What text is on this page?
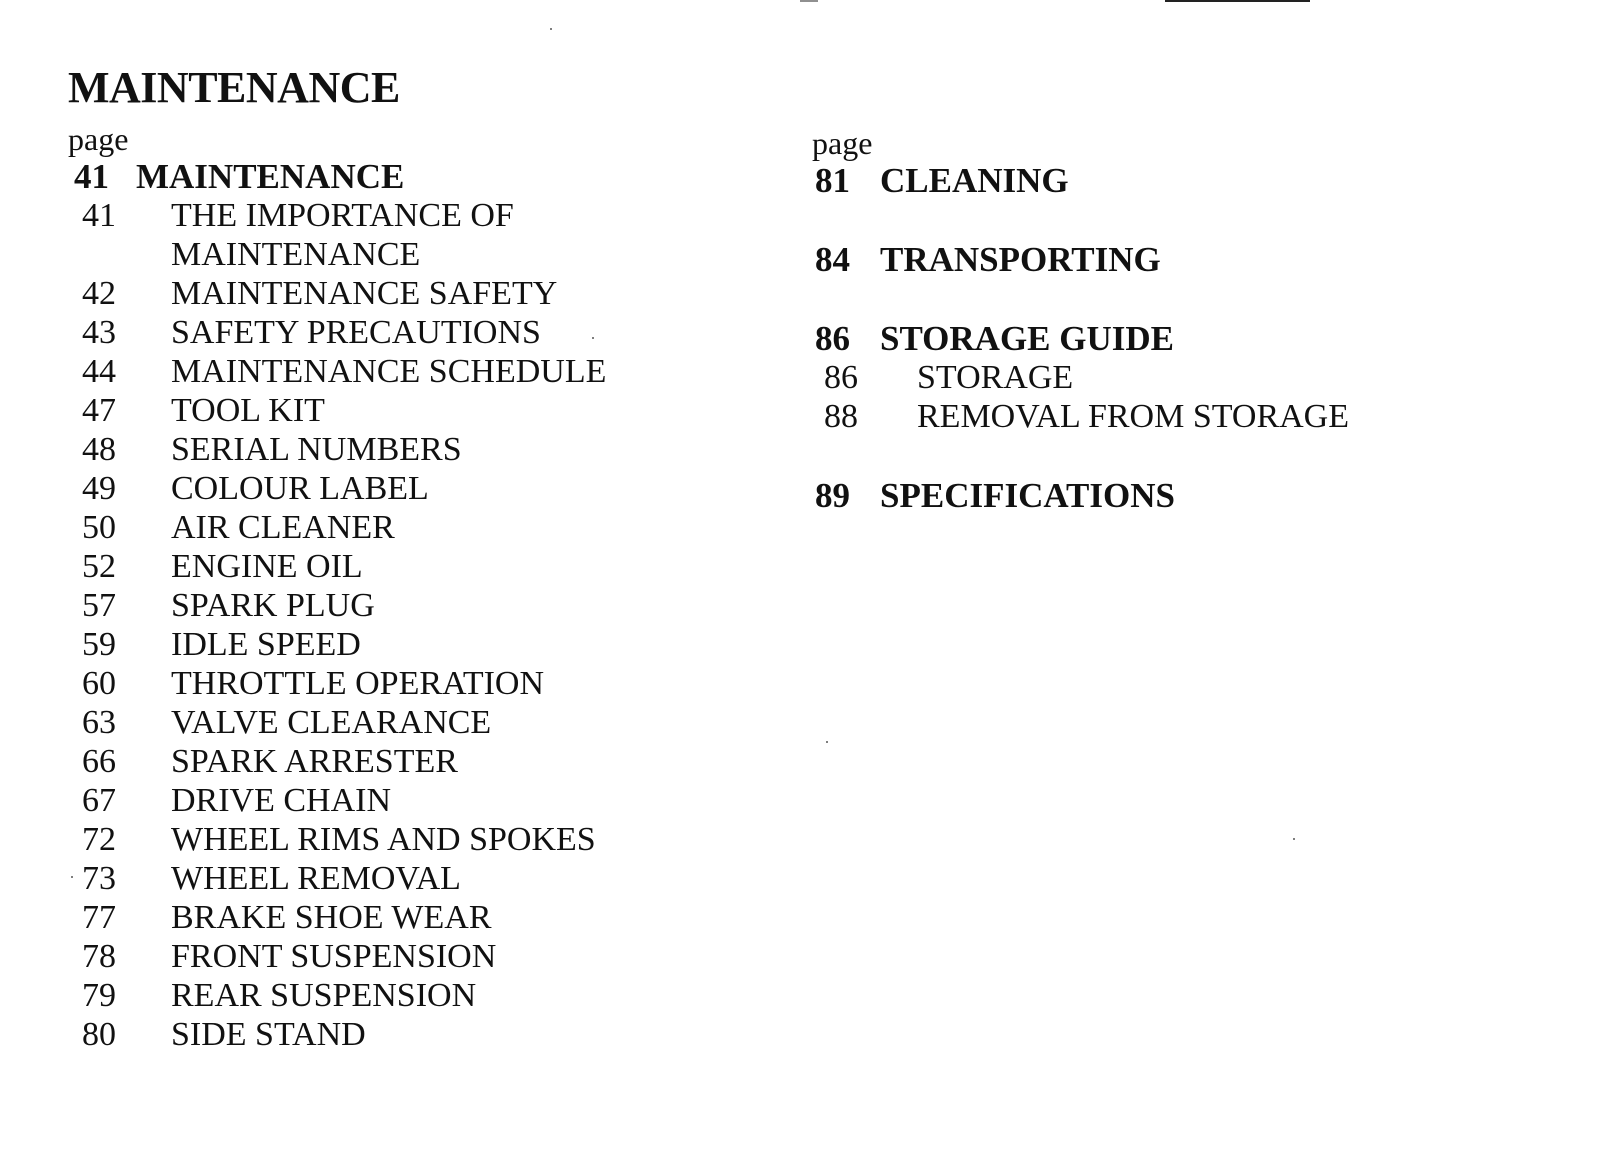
MAINTENANCE
page
41 MAINTENANCE
41	THE IMPORTANCE OF
MAINTENANCE
42	MAINTENANCE SAFETY
43	SAFETY PRECAUTIONS
44	MAINTENANCE SCHEDULE
47	TOOL KIT
48	SERIAL NUMBERS
49	COLOUR LABEL
50	AIR CLEANER
52	ENGINE OIL
57	SPARK PLUG
59	IDLE SPEED
60	THROTTLE OPERATION
63	VALVE CLEARANCE
66	SPARK ARRESTER
67	DRIVE CHAIN
72	WHEEL RIMS AND SPOKES
73	WHEEL REMOVAL
77	BRAKE SHOE WEAR
78	FRONT SUSPENSION
79	REAR SUSPENSION
80	SIDE STAND
page
81 CLEANING
84 TRANSPORTING
86 STORAGE GUIDE
86	STORAGE
88	REMOVAL FROM STORAGE
89 SPECIFICATIONS
